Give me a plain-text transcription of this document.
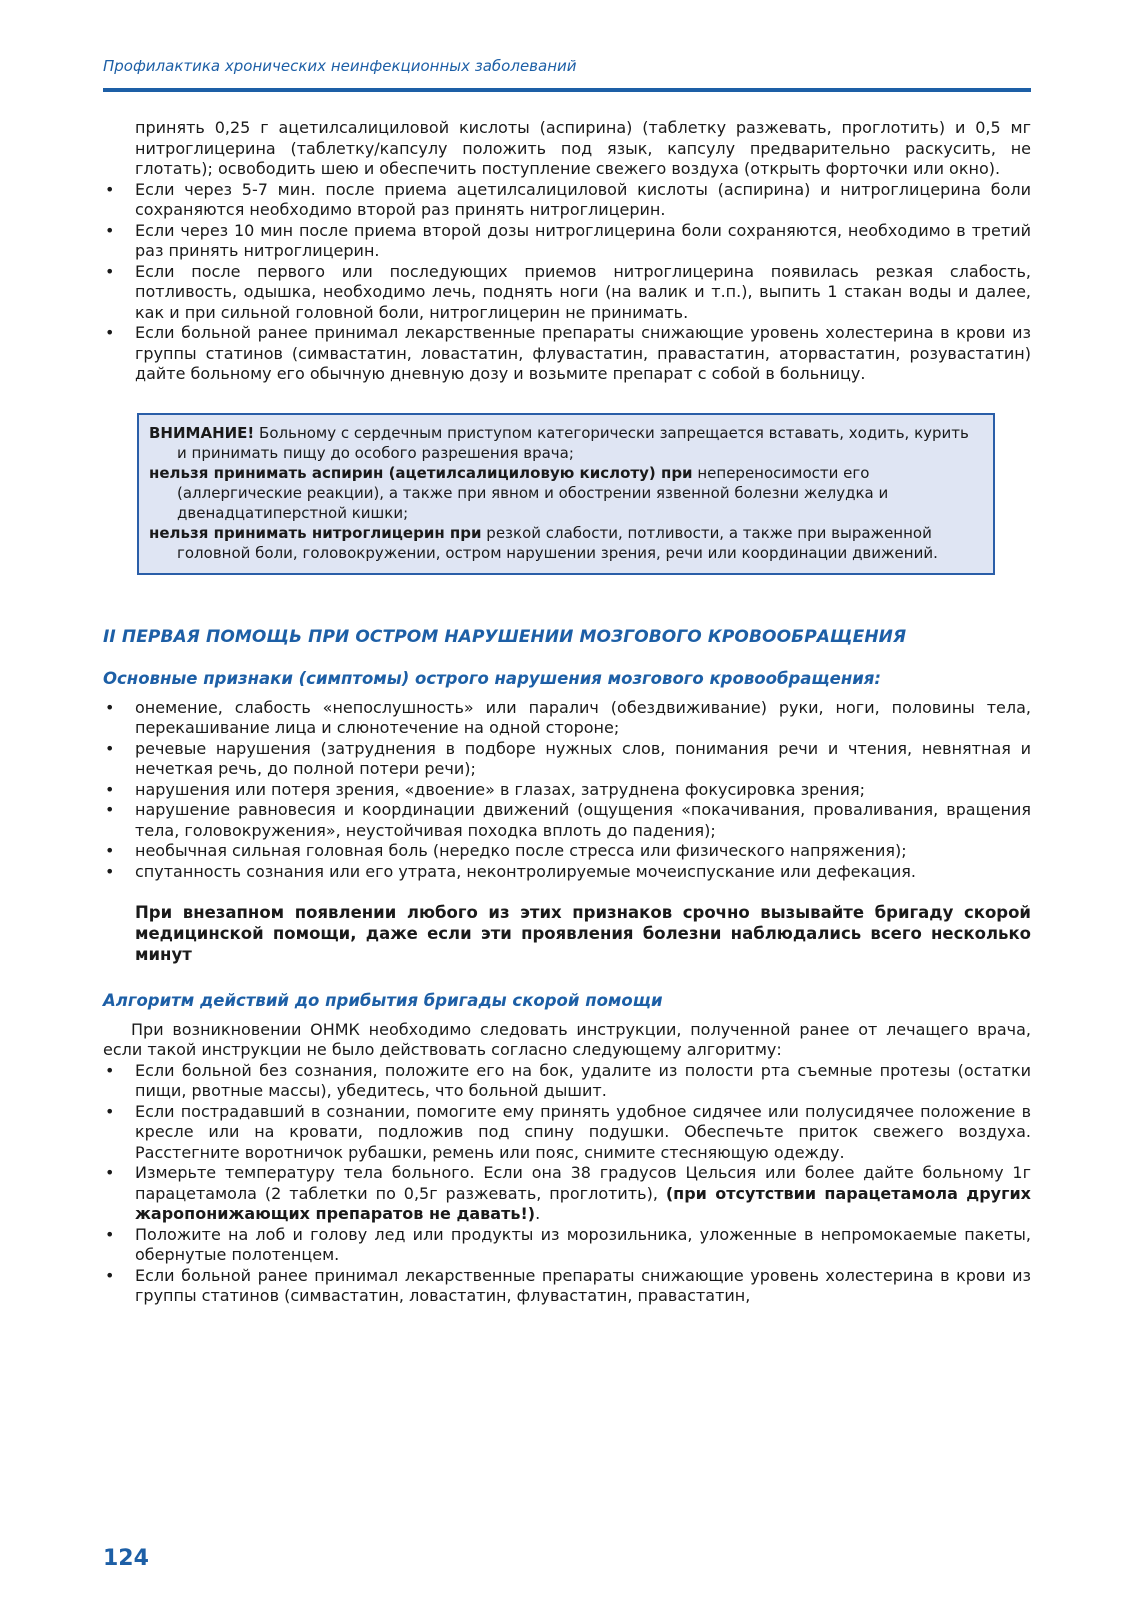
Профилактика хронических неинфекционных заболеваний

принять 0,25 г ацетилсалициловой кислоты (аспирина) (таблетку разжевать, проглотить) и 0,5 мг нитроглицерина (таблетку/капсулу положить под язык, капсулу предварительно раскусить, не глотать); освободить шею и обеспечить поступление свежего воздуха (открыть форточки или окно).

• Если через 5-7 мин. после приема ацетилсалициловой кислоты (аспирина) и нитроглицерина боли сохраняются необходимо второй раз принять нитроглицерин.
• Если через 10 мин после приема второй дозы нитроглицерина боли сохраняются, необходимо в третий раз принять нитроглицерин.
• Если после первого или последующих приемов нитроглицерина появилась резкая слабость, потливость, одышка, необходимо лечь, поднять ноги (на валик и т.п.), выпить 1 стакан воды и далее, как и при сильной головной боли, нитроглицерин не принимать.
• Если больной ранее принимал лекарственные препараты снижающие уровень холестерина в крови из группы статинов (симвастатин, ловастатин, флувастатин, правастатин, аторвастатин, розувастатин) дайте больному его обычную дневную дозу и возьмите препарат с собой в больницу.
ВНИМАНИЕ! Больному с сердечным приступом категорически запрещается вставать, ходить, курить и принимать пищу до особого разрешения врача;
нельзя принимать аспирин (ацетилсалициловую кислоту) при непереносимости его (аллергические реакции), а также при явном и обострении язвенной болезни желудка и двенадцатиперстной кишки;
нельзя принимать нитроглицерин при резкой слабости, потливости, а также при выраженной головной боли, головокружении, остром нарушении зрения, речи или координации движений.
II ПЕРВАЯ ПОМОЩЬ ПРИ ОСТРОМ НАРУШЕНИИ МОЗГОВОГО КРОВООБРАЩЕНИЯ
Основные признаки (симптомы) острого нарушения мозгового кровообращения:
• онемение, слабость «непослушность» или паралич (обездвиживание) руки, ноги, половины тела, перекашивание лица и слюнотечение на одной стороне;
• речевые нарушения (затруднения в подборе нужных слов, понимания речи и чтения, невнятная и нечеткая речь, до полной потери речи);
• нарушения или потеря зрения, «двоение» в глазах, затруднена фокусировка зрения;
• нарушение равновесия и координации движений (ощущения «покачивания, проваливания, вращения тела, головокружения», неустойчивая походка вплоть до падения);
• необычная сильная головная боль (нередко после стресса или физического напряжения);
• спутанность сознания или его утрата, неконтролируемые мочеиспускание или дефекация.

При внезапном появлении любого из этих признаков срочно вызывайте бригаду скорой медицинской помощи, даже если эти проявления болезни наблюдались всего несколько минут

Алгоритм действий до прибытия бригады скорой помощи

При возникновении ОНМК необходимо следовать инструкции, полученной ранее от лечащего врача, если такой инструкции не было действовать согласно следующему алгоритму:

• Если больной без сознания, положите его на бок, удалите из полости рта съемные протезы (остатки пищи, рвотные массы), убедитесь, что больной дышит.
• Если пострадавший в сознании, помогите ему принять удобное сидячее или полусидячее положение в кресле или на кровати, подложив под спину подушки. Обеспечьте приток свежего воздуха. Расстегните воротничок рубашки, ремень или пояс, снимите стесняющую одежду.
• Измерьте температуру тела больного. Если она 38 градусов Цельсия или более дайте больному 1г парацетамола (2 таблетки по 0,5г разжевать, проглотить), (при отсутствии парацетамола других жаропонижающих препаратов не давать!).
• Положите на лоб и голову лед или продукты из морозильника, уложенные в непромокаемые пакеты, обернутые полотенцем.
• Если больной ранее принимал лекарственные препараты снижающие уровень холестерина в крови из группы статинов (симвастатин, ловастатин, флувастатин, правастатин,
124
